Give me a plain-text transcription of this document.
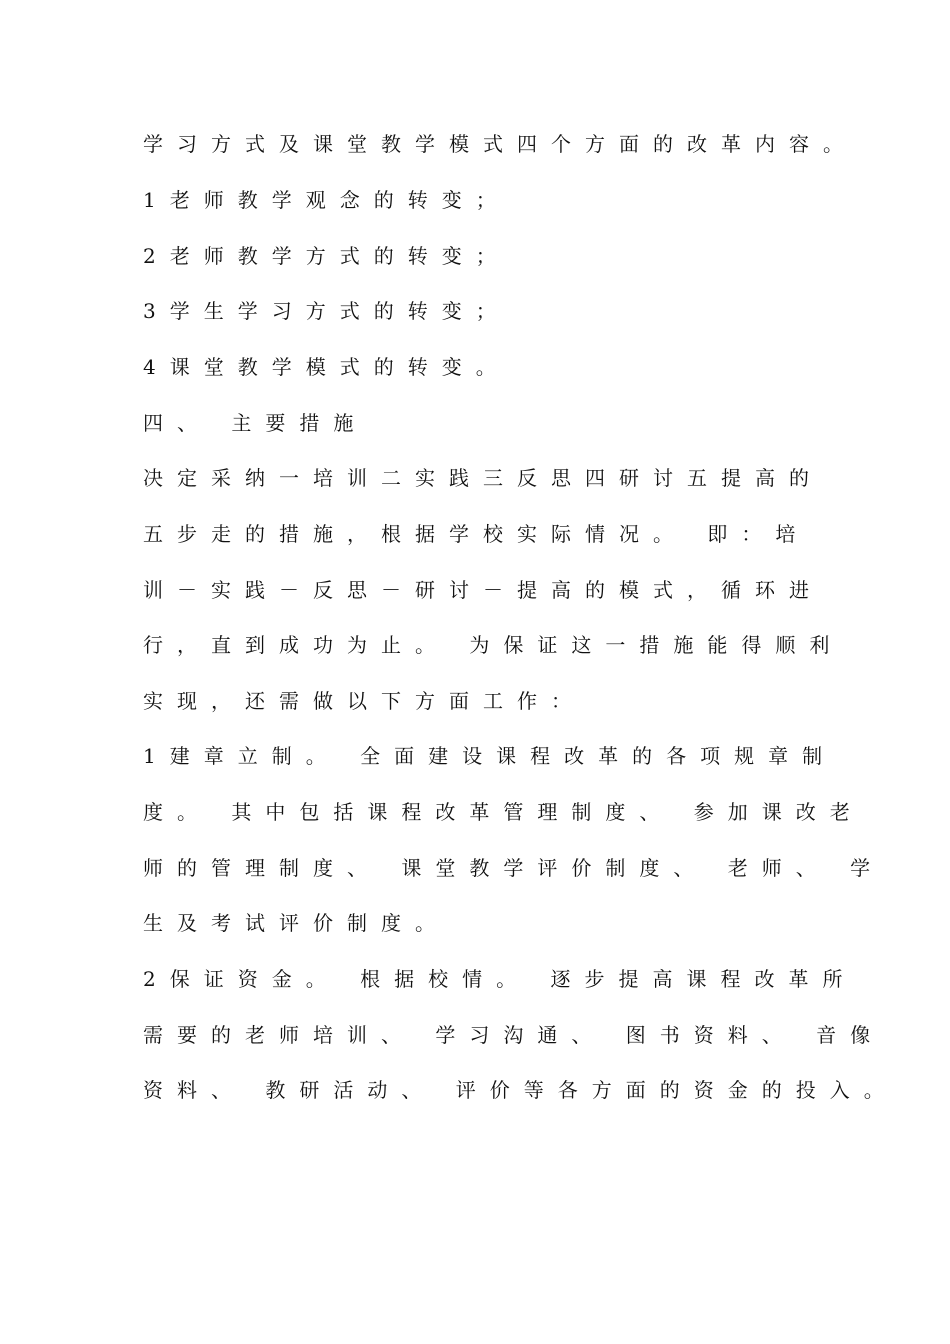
学习方式及课堂教学模式四个方面的改革内容。
1老师教学观念的转变；
2老师教学方式的转变；
3学生学习方式的转变；
4课堂教学模式的转变。
四、 主要措施
决定采纳一培训二实践三反思四研讨五提高的
五步走的措施，根据学校实际情况。 即：培
训－实践－反思－研讨－提高的模式，循环进
行，直到成功为止。 为保证这一措施能得顺利
实现，还需做以下方面工作：
1建章立制。 全面建设课程改革的各项规章制
度。 其中包括课程改革管理制度、 参加课改老
师的管理制度、 课堂教学评价制度、 老师、 学
生及考试评价制度。
2保证资金。 根据校情。 逐步提高课程改革所
需要的老师培训、 学习沟通、 图书资料、 音像
资料、 教研活动、 评价等各方面的资金的投入。
